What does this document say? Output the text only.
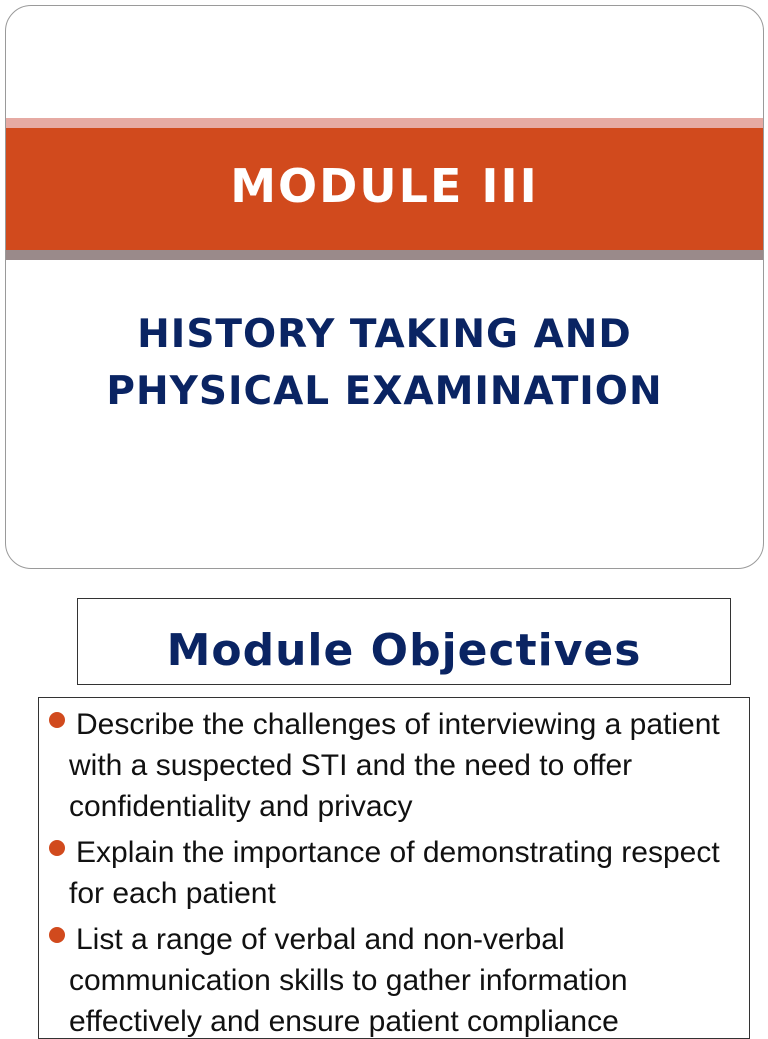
MODULE III
HISTORY TAKING AND
PHYSICAL EXAMINATION
Module Objectives
Describe the challenges of interviewing a patient with a suspected STI and the need to offer confidentiality and privacy
Explain the importance of demonstrating respect for each patient
List a range of verbal and non-verbal communication skills to gather information effectively and ensure patient compliance
